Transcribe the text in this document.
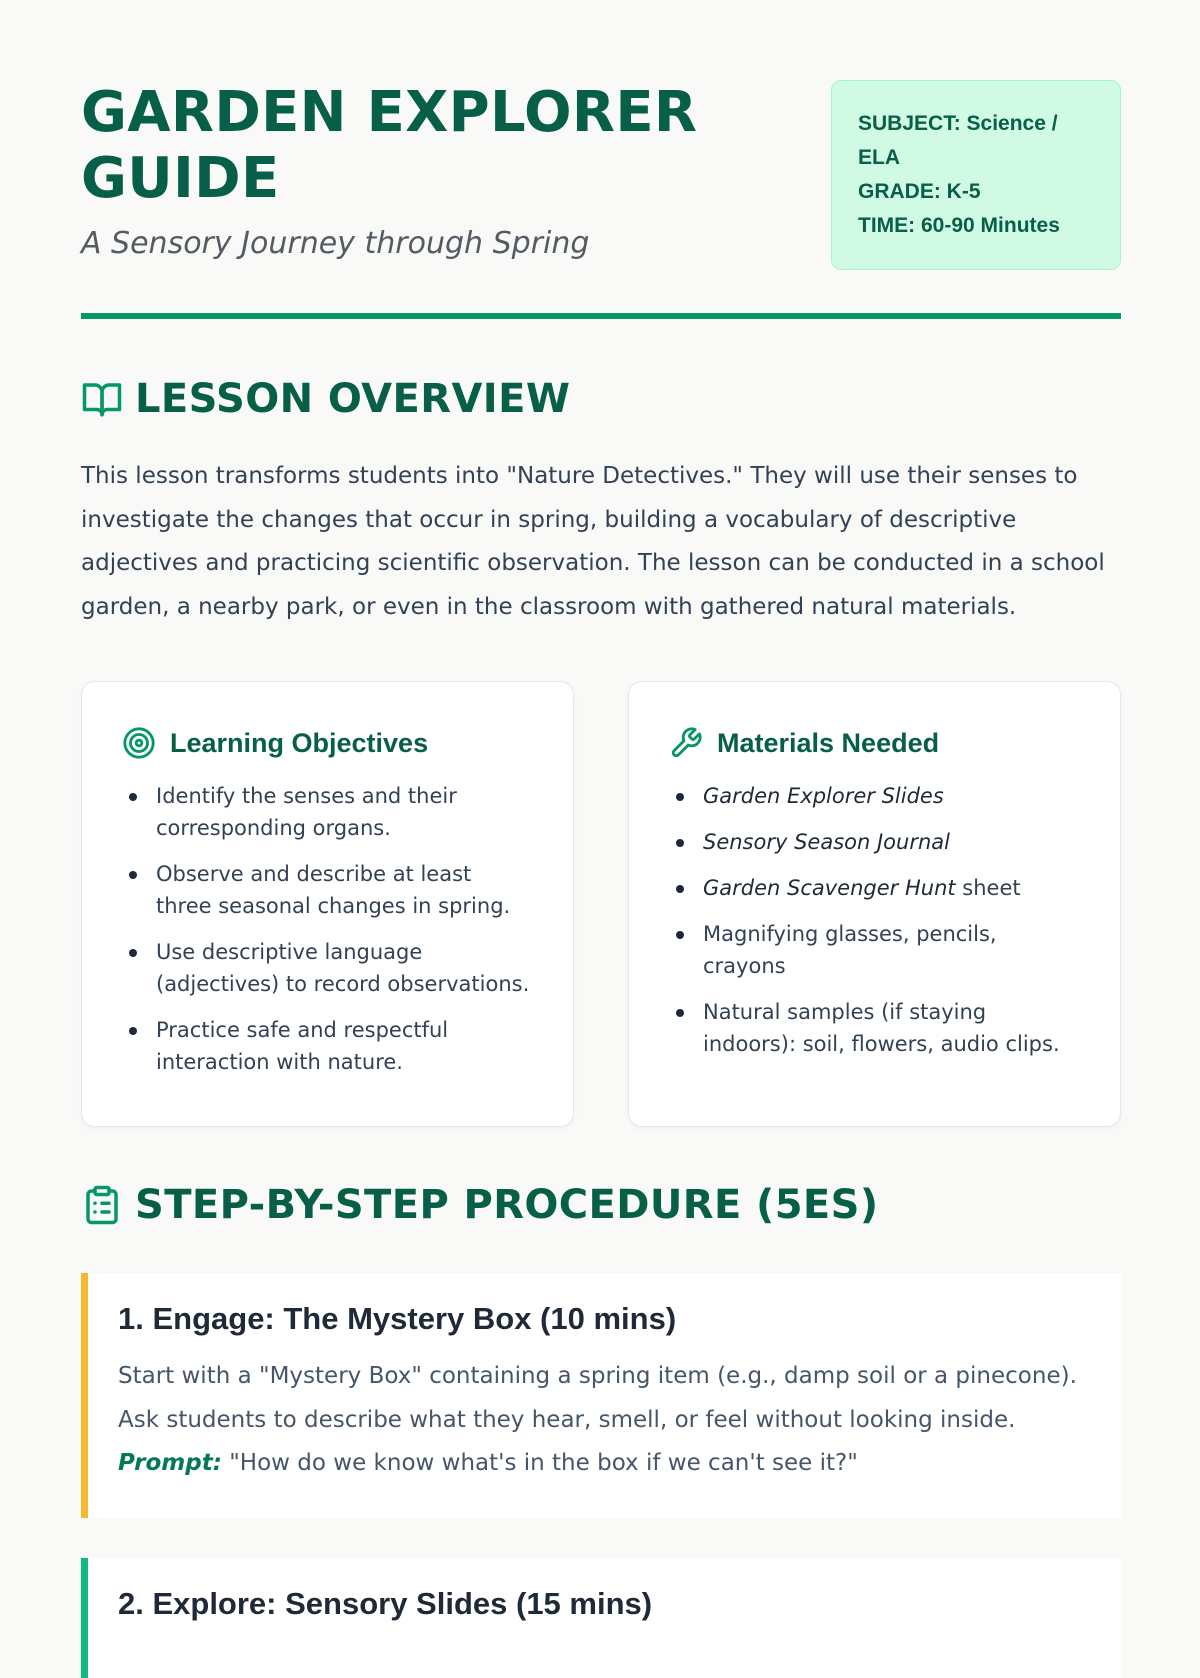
GARDEN EXPLORER GUIDE
A Sensory Journey through Spring
SUBJECT: Science / ELA
GRADE: K-5
TIME: 60-90 Minutes
LESSON OVERVIEW

This lesson transforms students into "Nature Detectives." They will use their senses to investigate the changes that occur in spring, building a vocabulary of descriptive adjectives and practicing scientific observation. The lesson can be conducted in a school garden, a nearby park, or even in the classroom with gathered natural materials.

Learning Objectives
Identify the senses and their corresponding organs.
Observe and describe at least three seasonal changes in spring.
Use descriptive language (adjectives) to record observations.
Practice safe and respectful interaction with nature.
Materials Needed
Garden Explorer Slides
Sensory Season Journal
Garden Scavenger Hunt sheet
Magnifying glasses, pencils, crayons
Natural samples (if staying indoors): soil, flowers, audio clips.
STEP-BY-STEP PROCEDURE (5ES)
1. Engage: The Mystery Box (10 mins)
Start with a "Mystery Box" containing a spring item (e.g., damp soil or a pinecone). Ask students to describe what they hear, smell, or feel without looking inside.
Prompt: "How do we know what's in the box if we can't see it?"
2. Explore: Sensory Slides (15 mins)
